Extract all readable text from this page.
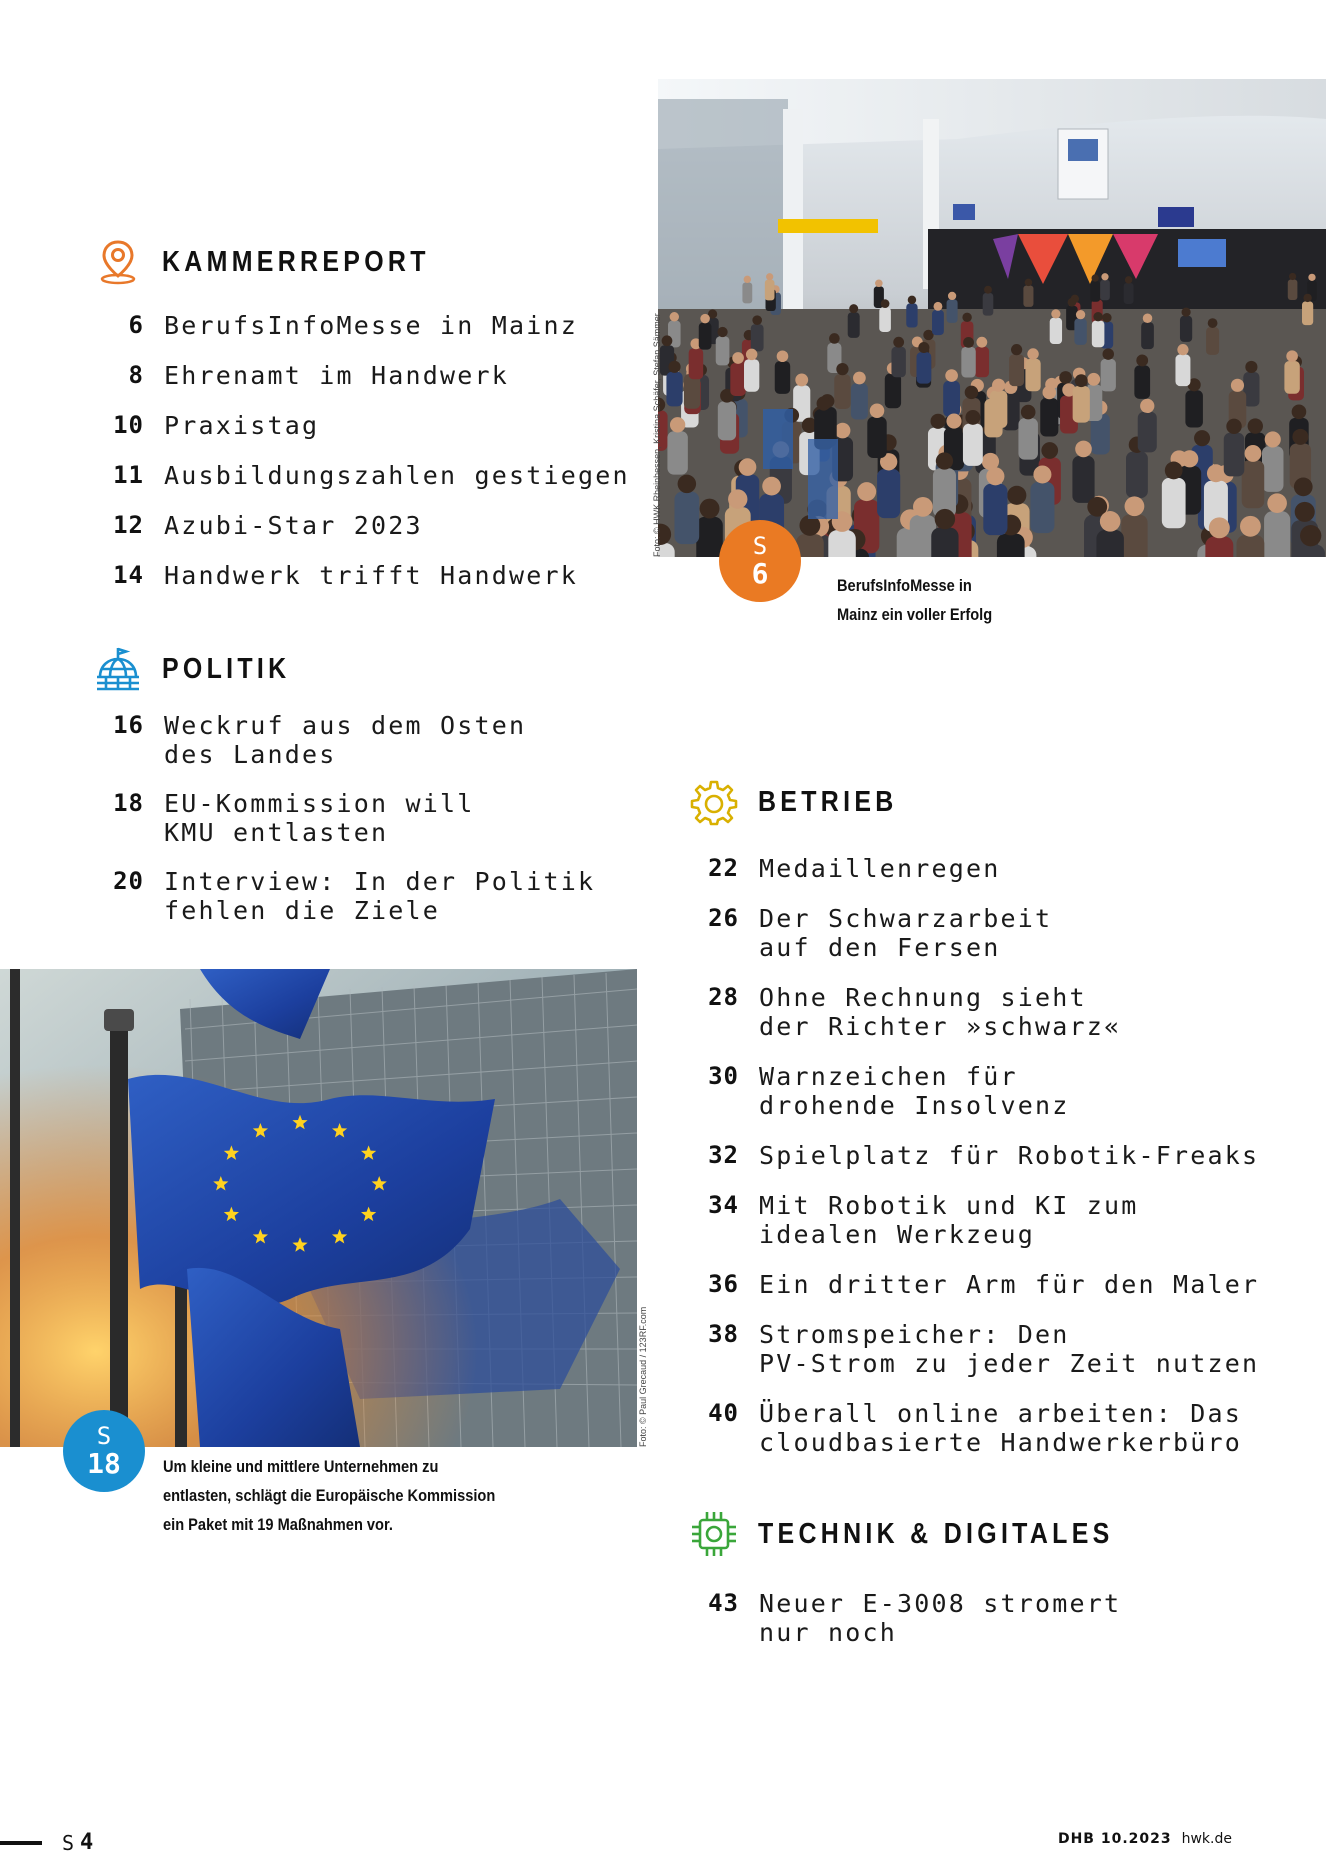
KAMMERREPORT
6 BerufsInfoMesse in Mainz
8 Ehrenamt im Handwerk
10 Praxistag
11 Ausbildungszahlen gestiegen
12 Azubi-Star 2023
14 Handwerk trifft Handwerk
POLITIK
16 Weckruf aus dem Osten
des Landes
18 EU-Kommission will
KMU entlasten
20 Interview: In der Politik
fehlen die Ziele
BETRIEB
22 Medaillenregen
26 Der Schwarzarbeit
auf den Fersen
28 Ohne Rechnung sieht
der Richter »schwarz«
30 Warnzeichen für
drohende Insolvenz
32 Spielplatz für Robotik-Freaks
34 Mit Robotik und KI zum
idealen Werkzeug
36 Ein dritter Arm für den Maler
38 Stromspeicher: Den
PV-Strom zu jeder Zeit nutzen
40 Überall online arbeiten: Das
cloudbasierte Handwerkerbüro
TECHNIK & DIGITALES
43 Neuer E-3008 stromert
nur noch
Foto: © HWK Rheinhessen, Kristina Schäfer, Stefan Sämmer	S
6	BerufsInfoMesse in
Mainz ein voller Erfolg
Foto: © Paul Grecaud / 123RF.com
S
18 Um kleine und mittlere Unternehmen zu
entlasten, schlägt die Europäische Kommission
ein Paket mit 19 Maßnahmen vor.
S 4	DHB 10.2023 hwk.de
